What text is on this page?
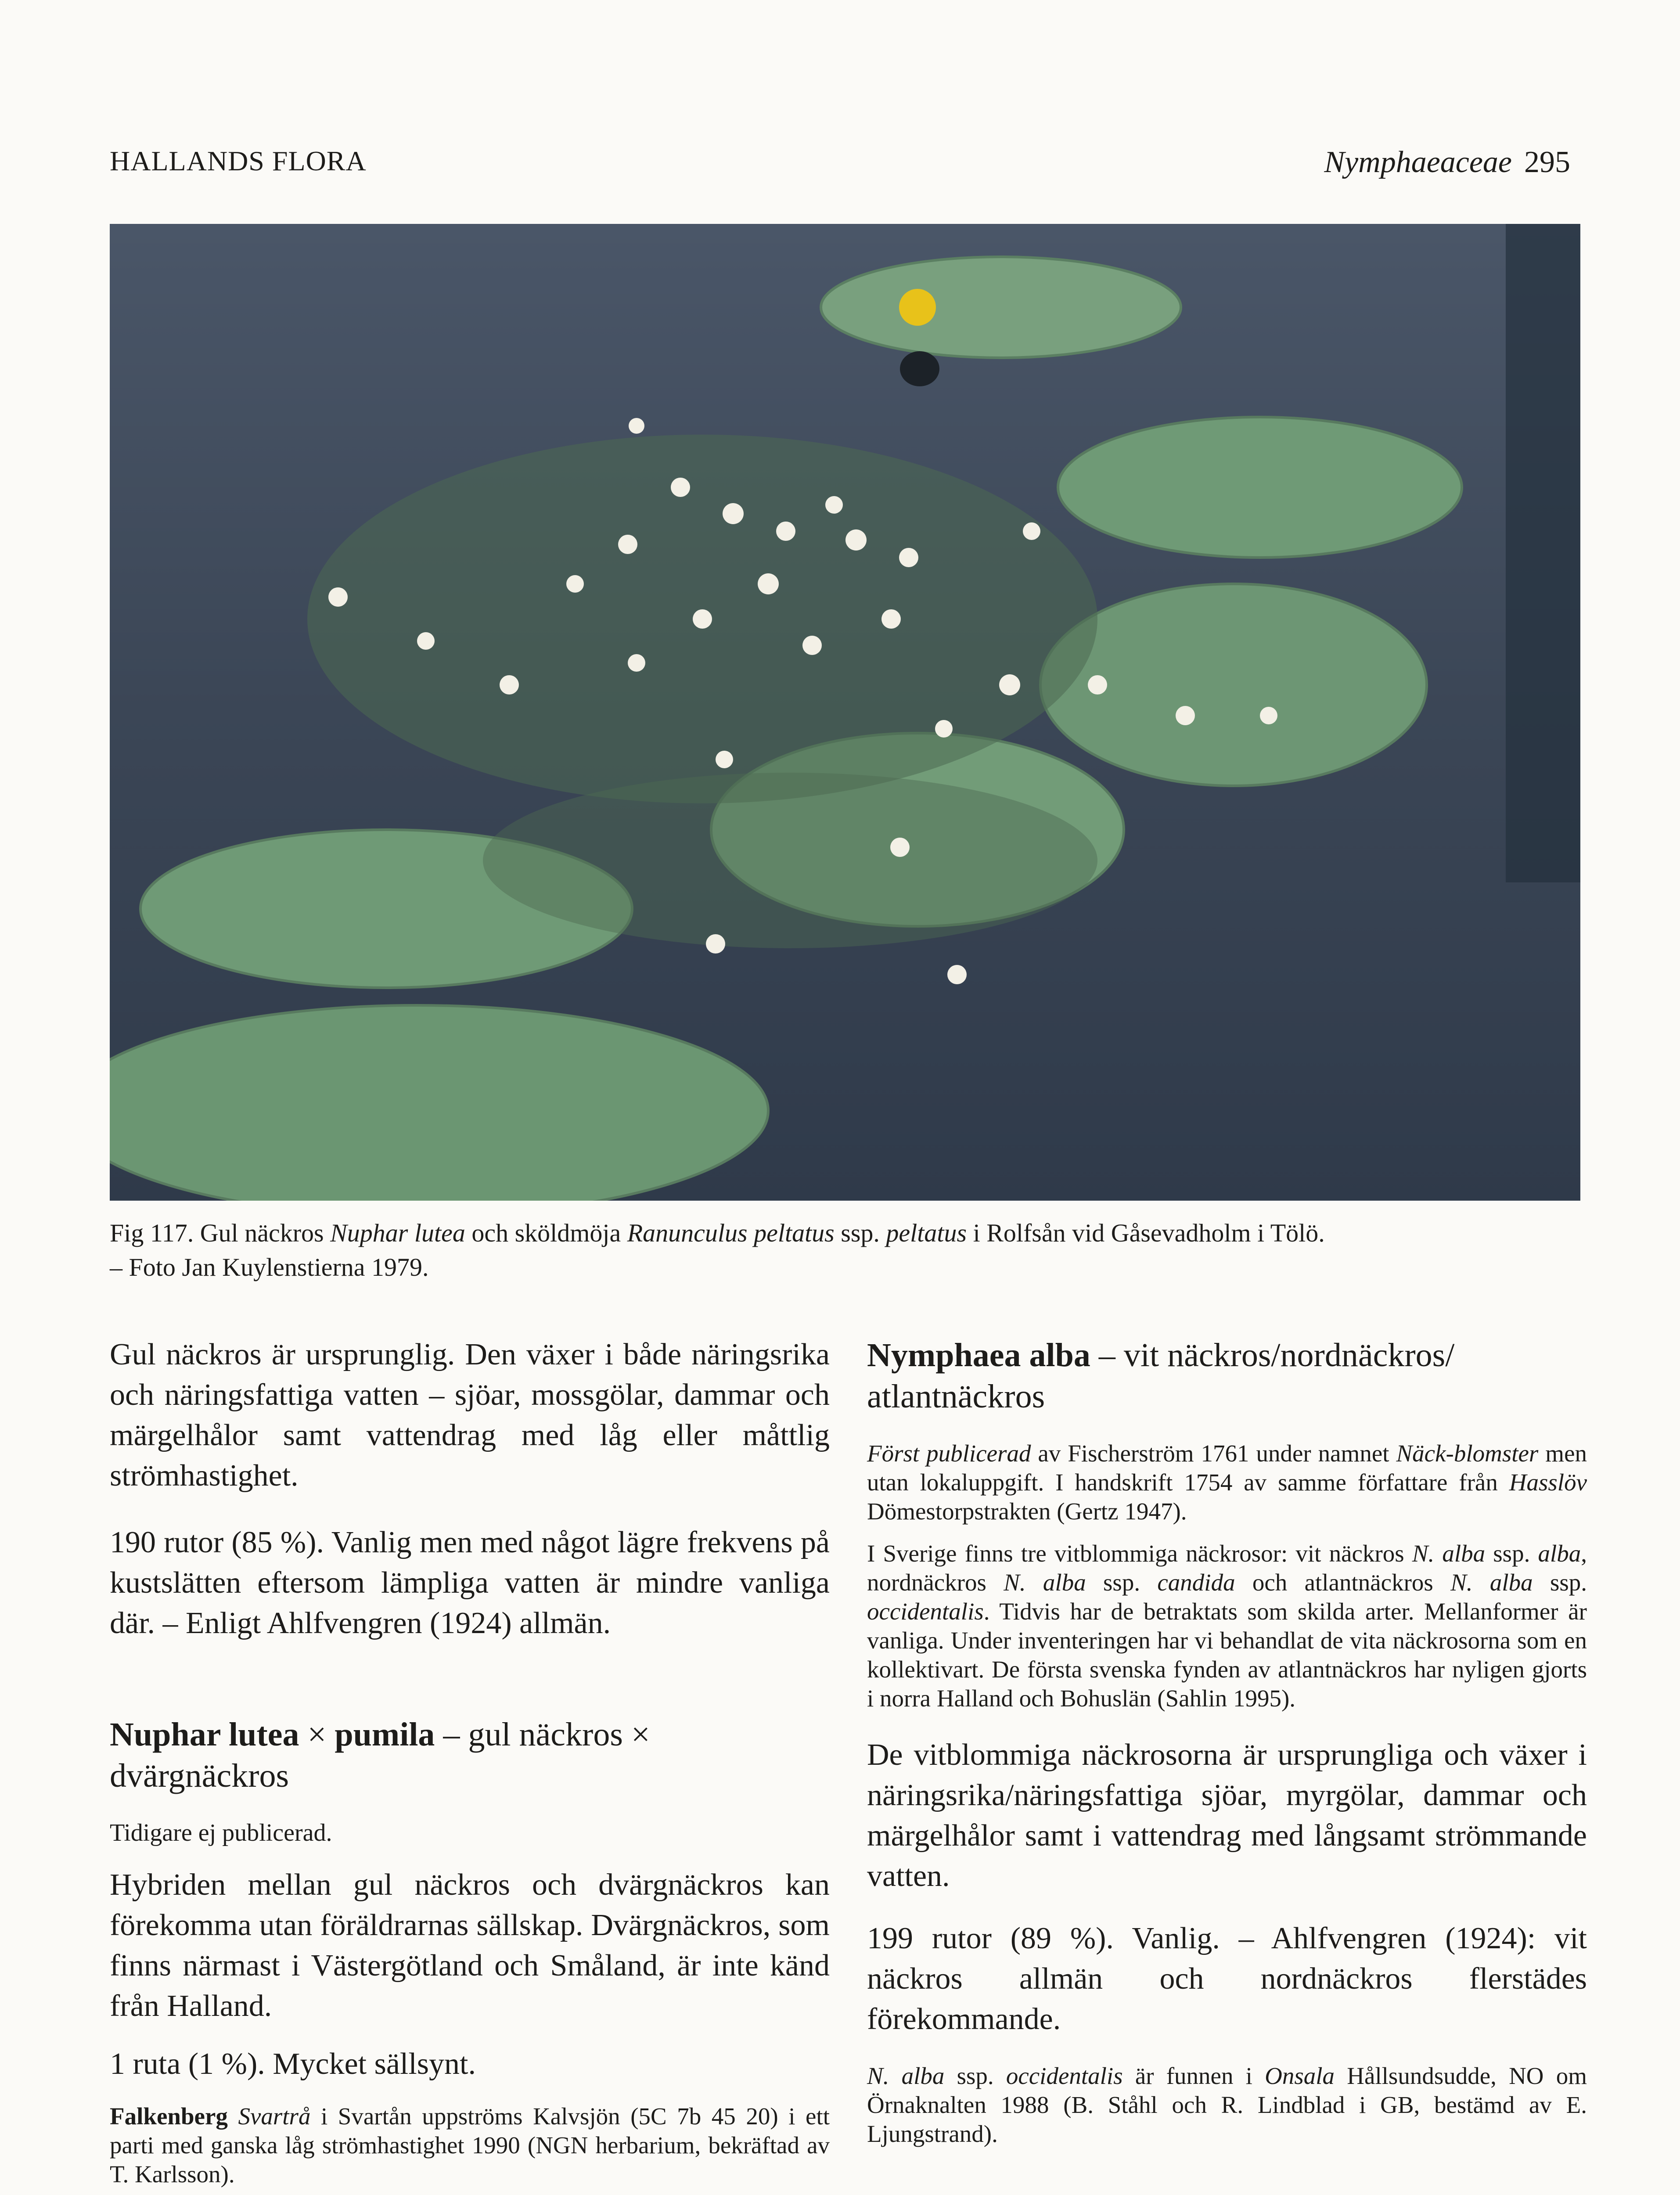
HALLANDS FLORA	Nymphaeaceae 295
Fig 117. Gul näckros Nuphar lutea och sköldmöja Ranunculus peltatus ssp. peltatus i Rolfsån vid Gåsevadholm i Tölö.
– Foto Jan Kuylenstierna 1979.

Gul näckros är ursprunglig. Den växer i både näringsrika och näringsfattiga vatten – sjöar, mossgölar, dammar och märgelhålor samt vattendrag med låg eller måttlig strömhastighet.

190 rutor (85 %). Vanlig men med något lägre frekvens på kustslätten eftersom lämpliga vatten är mindre vanliga där. – Enligt Ahlfvengren (1924) allmän.

Nuphar lutea × pumila – gul näckros × dvärgnäckros

Tidigare ej publicerad.

Hybriden mellan gul näckros och dvärgnäckros kan förekomma utan föräldrarnas sällskap. Dvärgnäckros, som finns närmast i Västergötland och Småland, är inte känd från Halland.

1 ruta (1 %). Mycket sällsynt.

Falkenberg Svartrå i Svartån uppströms Kalvsjön (5C 7b 45 20) i ett parti med ganska låg strömhastighet 1990 (NGN herbarium, bekräftad av T. Karlsson).

Nymphaea alba – vit näckros/nordnäckros/ atlantnäckros

Först publicerad av Fischerström 1761 under namnet Näck-blomster men utan lokaluppgift. I handskrift 1754 av samme författare från Hasslöv Dömestorpstrakten (Gertz 1947).

I Sverige finns tre vitblommiga näckrosor: vit näckros N. alba ssp. alba, nordnäckros N. alba ssp. candida och atlantnäckros N. alba ssp. occidentalis. Tidvis har de betraktats som skilda arter. Mellanformer är vanliga. Under inventeringen har vi behandlat de vita näckrosorna som en kollektivart. De första svenska fynden av atlantnäckros har nyligen gjorts i norra Halland och Bohuslän (Sahlin 1995).

De vitblommiga näckrosorna är ursprungliga och växer i näringsrika/näringsfattiga sjöar, myrgölar, dammar och märgelhålor samt i vattendrag med långsamt strömmande vatten.

199 rutor (89 %). Vanlig. – Ahlfvengren (1924): vit näckros allmän och nordnäckros flerstädes förekommande.

N. alba ssp. occidentalis är funnen i Onsala Hållsundsudde, NO om Örnaknalten 1988 (B. Ståhl och R. Lindblad i GB, bestämd av E. Ljungstrand).
